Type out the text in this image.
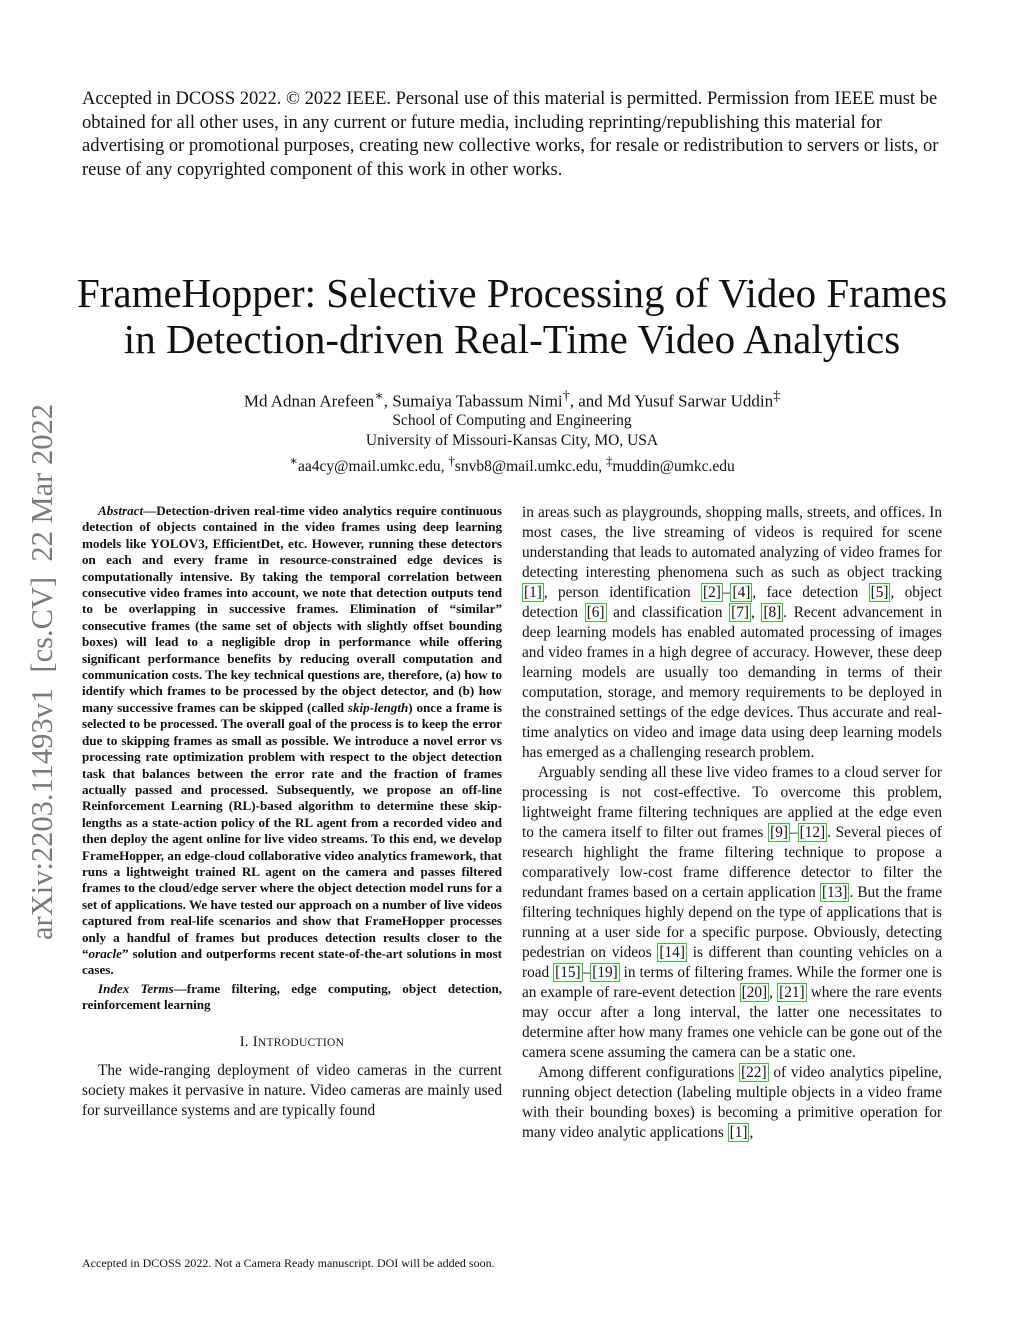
Accepted in DCOSS 2022. © 2022 IEEE. Personal use of this material is permitted. Permission from IEEE must be obtained for all other uses, in any current or future media, including reprinting/republishing this material for advertising or promotional purposes, creating new collective works, for resale or redistribution to servers or lists, or reuse of any copyrighted component of this work in other works.
arXiv:2203.11493v1  [cs.CV]  22 Mar 2022
FrameHopper: Selective Processing of Video Frames
in Detection-driven Real-Time Video Analytics
Md Adnan Arefeen∗, Sumaiya Tabassum Nimi†, and Md Yusuf Sarwar Uddin‡
School of Computing and Engineering
University of Missouri-Kansas City, MO, USA
∗aa4cy@mail.umkc.edu, †snvb8@mail.umkc.edu, ‡muddin@umkc.edu

Abstract—Detection-driven real-time video analytics require continuous detection of objects contained in the video frames using deep learning models like YOLOV3, EfficientDet, etc. However, running these detectors on each and every frame in resource-constrained edge devices is computationally intensive. By taking the temporal correlation between consecutive video frames into account, we note that detection outputs tend to be overlapping in successive frames. Elimination of “similar” consecutive frames (the same set of objects with slightly offset bounding boxes) will lead to a negligible drop in performance while offering significant performance benefits by reducing overall computation and communication costs. The key technical questions are, therefore, (a) how to identify which frames to be processed by the object detector, and (b) how many successive frames can be skipped (called skip-length) once a frame is selected to be processed. The overall goal of the process is to keep the error due to skipping frames as small as possible. We introduce a novel error vs processing rate optimization problem with respect to the object detection task that balances between the error rate and the fraction of frames actually passed and processed. Subsequently, we propose an off-line Reinforcement Learning (RL)-based algorithm to determine these skip-lengths as a state-action policy of the RL agent from a recorded video and then deploy the agent online for live video streams. To this end, we develop FrameHopper, an edge-cloud collaborative video analytics framework, that runs a lightweight trained RL agent on the camera and passes filtered frames to the cloud/edge server where the object detection model runs for a set of applications. We have tested our approach on a number of live videos captured from real-life scenarios and show that FrameHopper processes only a handful of frames but produces detection results closer to the “oracle” solution and outperforms recent state-of-the-art solutions in most cases.

Index Terms—frame filtering, edge computing, object detection, reinforcement learning

I. INTRODUCTION

The wide-ranging deployment of video cameras in the current society makes it pervasive in nature. Video cameras are mainly used for surveillance systems and are typically found

in areas such as playgrounds, shopping malls, streets, and offices. In most cases, the live streaming of videos is required for scene understanding that leads to automated analyzing of video frames for detecting interesting phenomena such as such as object tracking [1] , person identification [2] – [4] , face detection [5] , object detection [6] and classification [7] , [8] . Recent advancement in deep learning models has enabled automated processing of images and video frames in a high degree of accuracy. However, these deep learning models are usually too demanding in terms of their computation, storage, and memory requirements to be deployed in the constrained settings of the edge devices. Thus accurate and real-time analytics on video and image data using deep learning models has emerged as a challenging research problem.

Arguably sending all these live video frames to a cloud server for processing is not cost-effective. To overcome this problem, lightweight frame filtering techniques are applied at the edge even to the camera itself to filter out frames [9] – [12] . Several pieces of research highlight the frame filtering technique to propose a comparatively low-cost frame difference detector to filter the redundant frames based on a certain application [13] . But the frame filtering techniques highly depend on the type of applications that is running at a user side for a specific purpose. Obviously, detecting pedestrian on videos [14] is different than counting vehicles on a road [15] – [19] in terms of filtering frames. While the former one is an example of rare-event detection [20] , [21] where the rare events may occur after a long interval, the latter one necessitates to determine after how many frames one vehicle can be gone out of the camera scene assuming the camera can be a static one.

Among different configurations [22] of video analytics pipeline, running object detection (labeling multiple objects in a video frame with their bounding boxes) is becoming a primitive operation for many video analytic applications [1] ,

Accepted in DCOSS 2022. Not a Camera Ready manuscript. DOI will be added soon.
